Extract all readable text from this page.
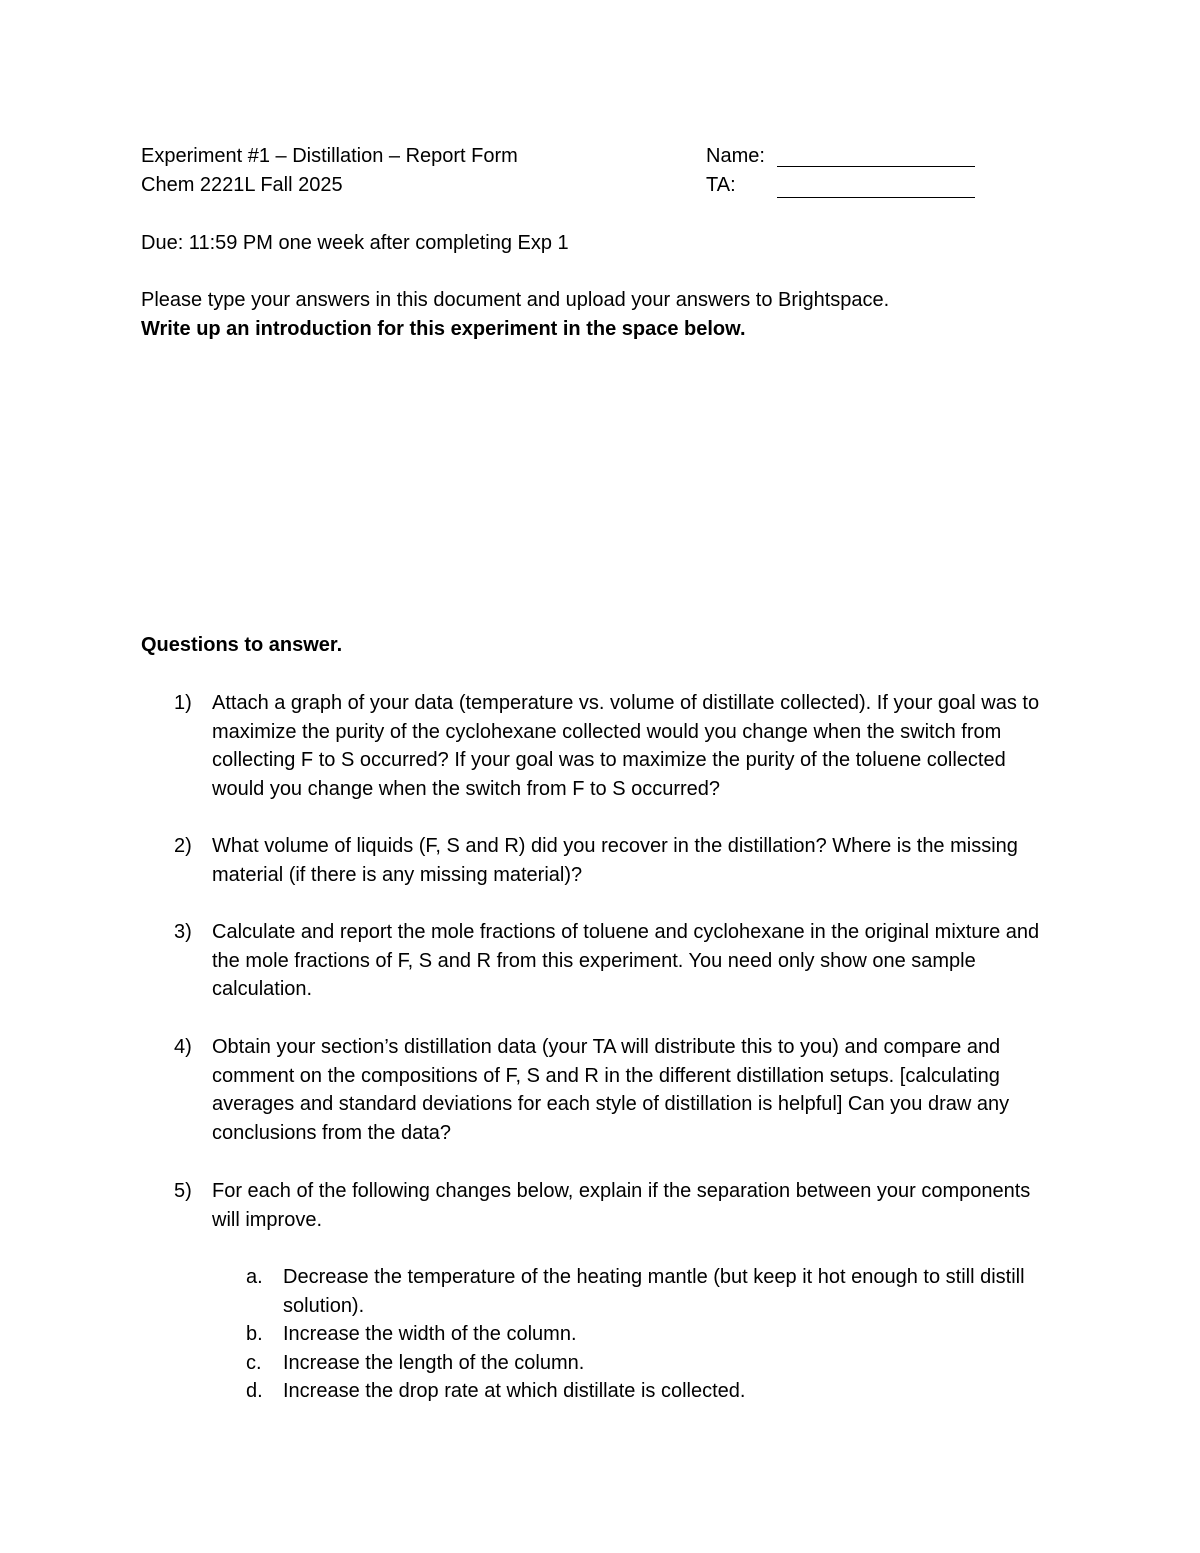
Experiment #1 – Distillation – Report Form
Chem 2221L Fall 2025
Name:
TA:
Due: 11:59 PM one week after completing Exp 1
Please type your answers in this document and upload your answers to Brightspace.
Write up an introduction for this experiment in the space below.
Questions to answer.
1) Attach a graph of your data (temperature vs. volume of distillate collected). If your goal was to maximize the purity of the cyclohexane collected would you change when the switch from collecting F to S occurred? If your goal was to maximize the purity of the toluene collected would you change when the switch from F to S occurred?
2) What volume of liquids (F, S and R) did you recover in the distillation? Where is the missing material (if there is any missing material)?
3) Calculate and report the mole fractions of toluene and cyclohexane in the original mixture and the mole fractions of F, S and R from this experiment. You need only show one sample calculation.
4) Obtain your section’s distillation data (your TA will distribute this to you) and compare and comment on the compositions of F, S and R in the different distillation setups. [calculating averages and standard deviations for each style of distillation is helpful] Can you draw any conclusions from the data?
5) For each of the following changes below, explain if the separation between your components will improve.
a. Decrease the temperature of the heating mantle (but keep it hot enough to still distill solution).
b. Increase the width of the column.
c. Increase the length of the column.
d. Increase the drop rate at which distillate is collected.
